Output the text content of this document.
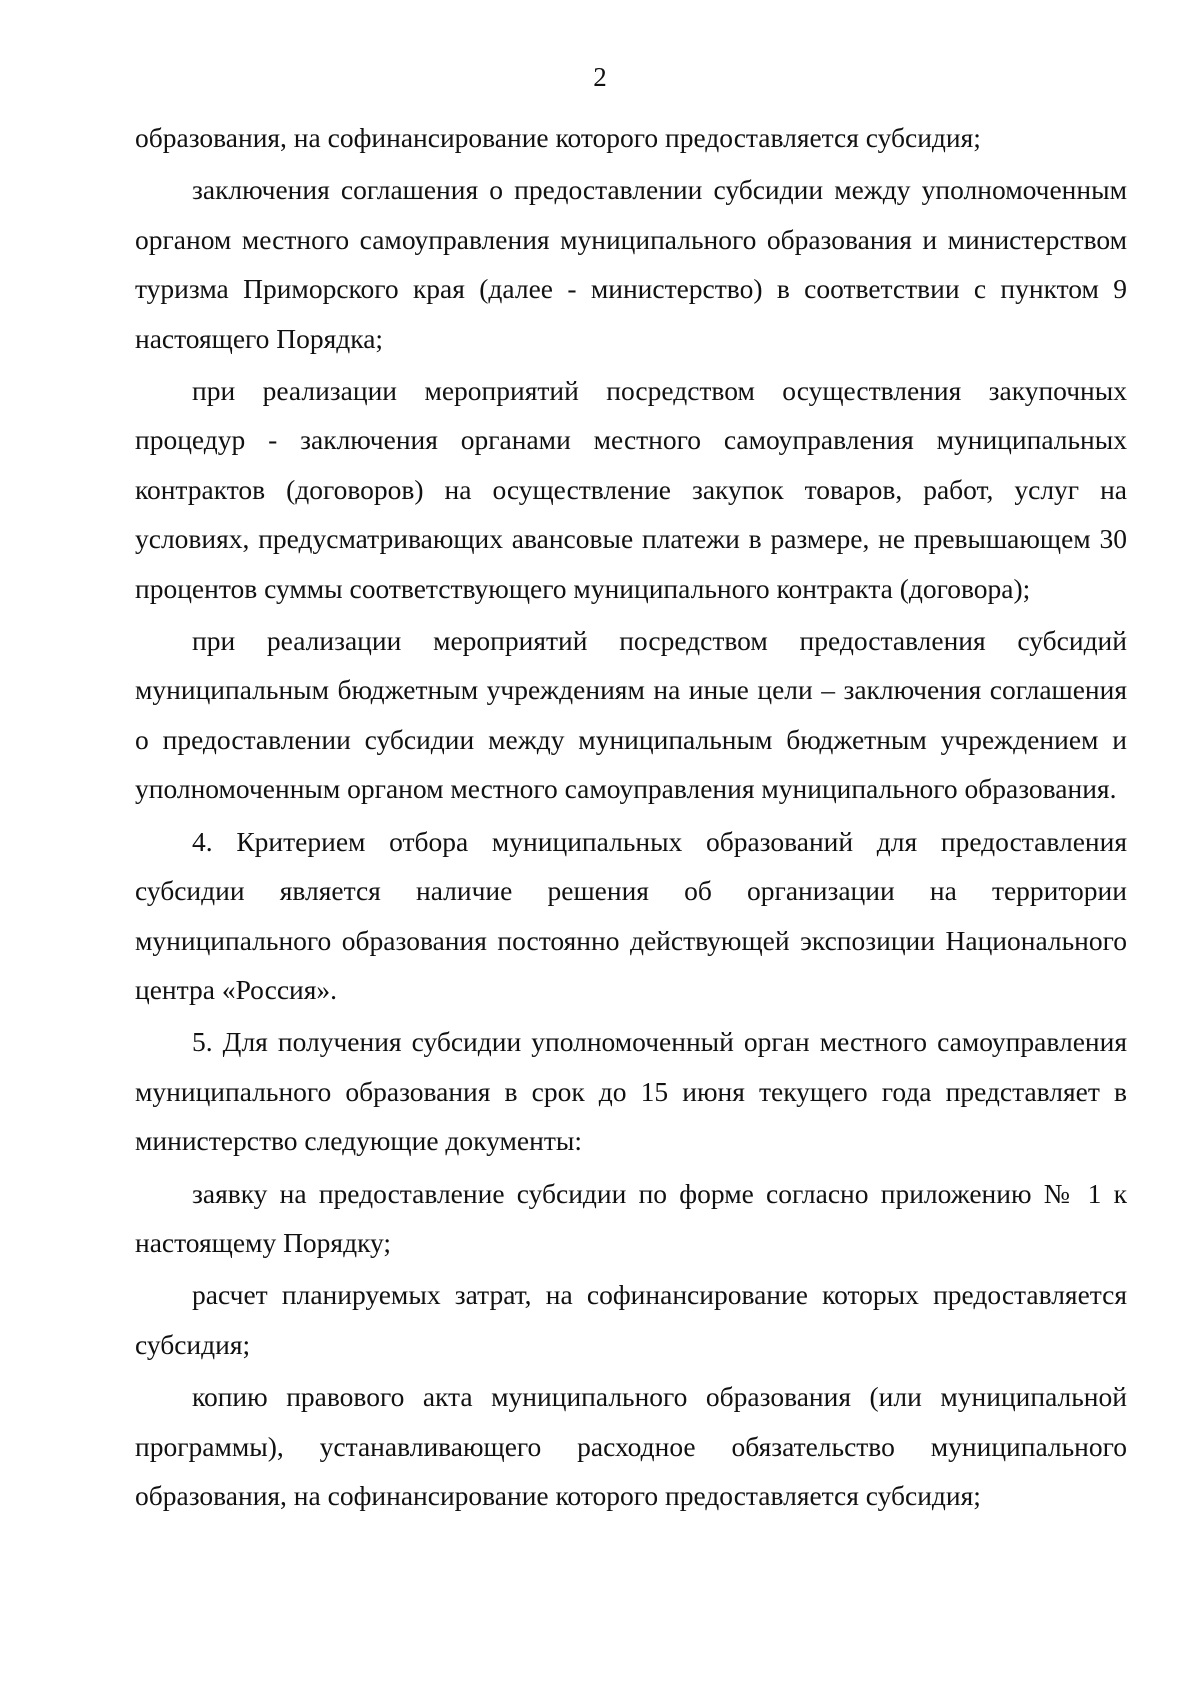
2

образования, на софинансирование которого предоставляется субсидия;

заключения соглашения о предоставлении субсидии между уполномоченным органом местного самоуправления муниципального образования и министерством туризма Приморского края (далее - министерство) в соответствии с пунктом 9 настоящего Порядка;

при реализации мероприятий посредством осуществления закупочных процедур - заключения органами местного самоуправления муниципальных контрактов (договоров) на осуществление закупок товаров, работ, услуг на условиях, предусматривающих авансовые платежи в размере, не превышающем 30 процентов суммы соответствующего муниципального контракта (договора);

при реализации мероприятий посредством предоставления субсидий муниципальным бюджетным учреждениям на иные цели – заключения соглашения о предоставлении субсидии между муниципальным бюджетным учреждением и уполномоченным органом местного самоуправления муниципального образования.

4. Критерием отбора муниципальных образований для предоставления субсидии является наличие решения об организации на территории муниципального образования постоянно действующей экспозиции Национального центра «Россия».

5. Для получения субсидии уполномоченный орган местного самоуправления муниципального образования в срок до 15 июня текущего года представляет в министерство следующие документы:

заявку на предоставление субсидии по форме согласно приложению № 1 к настоящему Порядку;

расчет планируемых затрат, на софинансирование которых предоставляется субсидия;

копию правового акта муниципального образования (или муниципальной программы), устанавливающего расходное обязательство муниципального образования, на софинансирование которого предоставляется субсидия;
